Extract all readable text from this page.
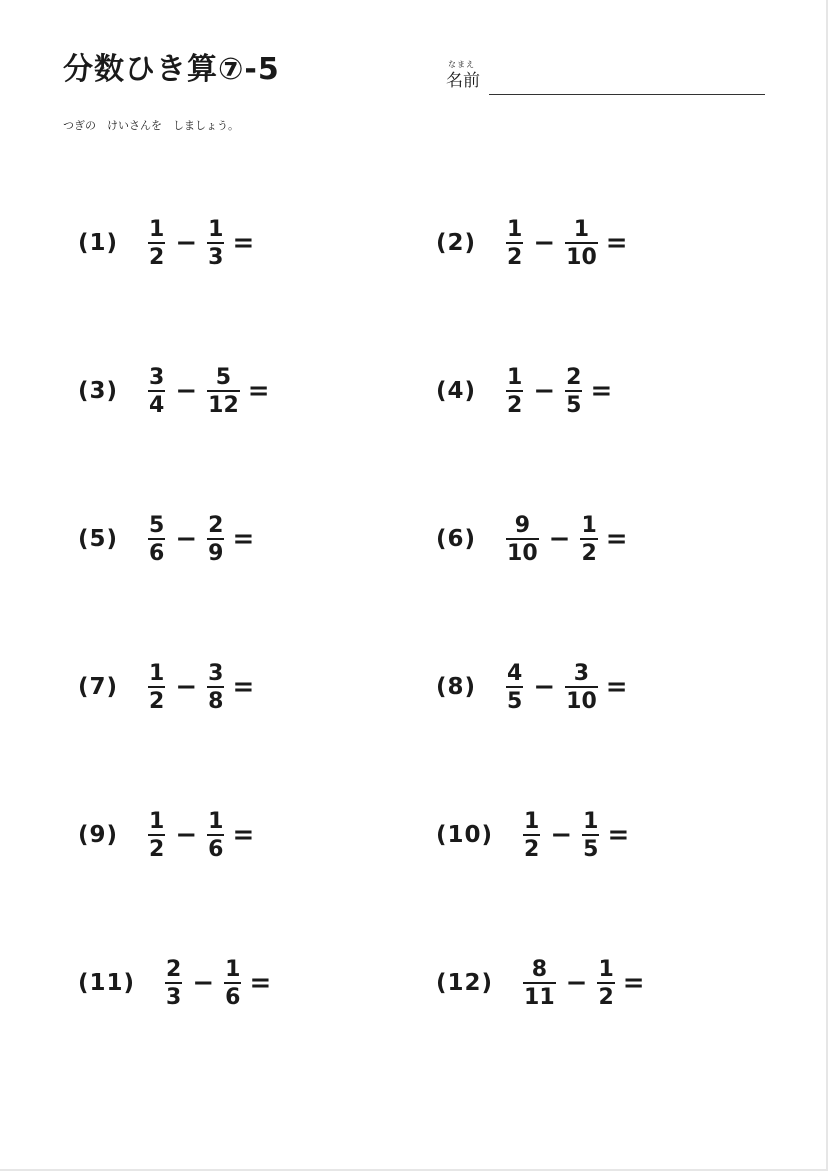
分数ひき算⑦-5	なまえ
名前
つぎの　けいさんを　しましょう。
$(1) \frac{1}{2} - \frac{1}{3}$ =	$(2) \frac{1}{2} - \frac{1}{10}$ =
$(3) \frac{3}{4} - \frac{5}{12}$ =	$(4) \frac{1}{2} - \frac{2}{5}$ =
$(5) \frac{5}{6} - \frac{2}{9}$ =	$(6) \frac{9}{10} - \frac{1}{2}$ =
$(7) \frac{1}{2} - \frac{3}{8}$ =	$(8) \frac{4}{5} - \frac{3}{10}$ =
$(9) \frac{1}{2} - \frac{1}{6}$ =	$(10) \frac{1}{2} - \frac{1}{5}$ =
$(11) \frac{2}{3} - \frac{1}{6}$ =	$(12) \frac{8}{11} - \frac{1}{2}$ =
